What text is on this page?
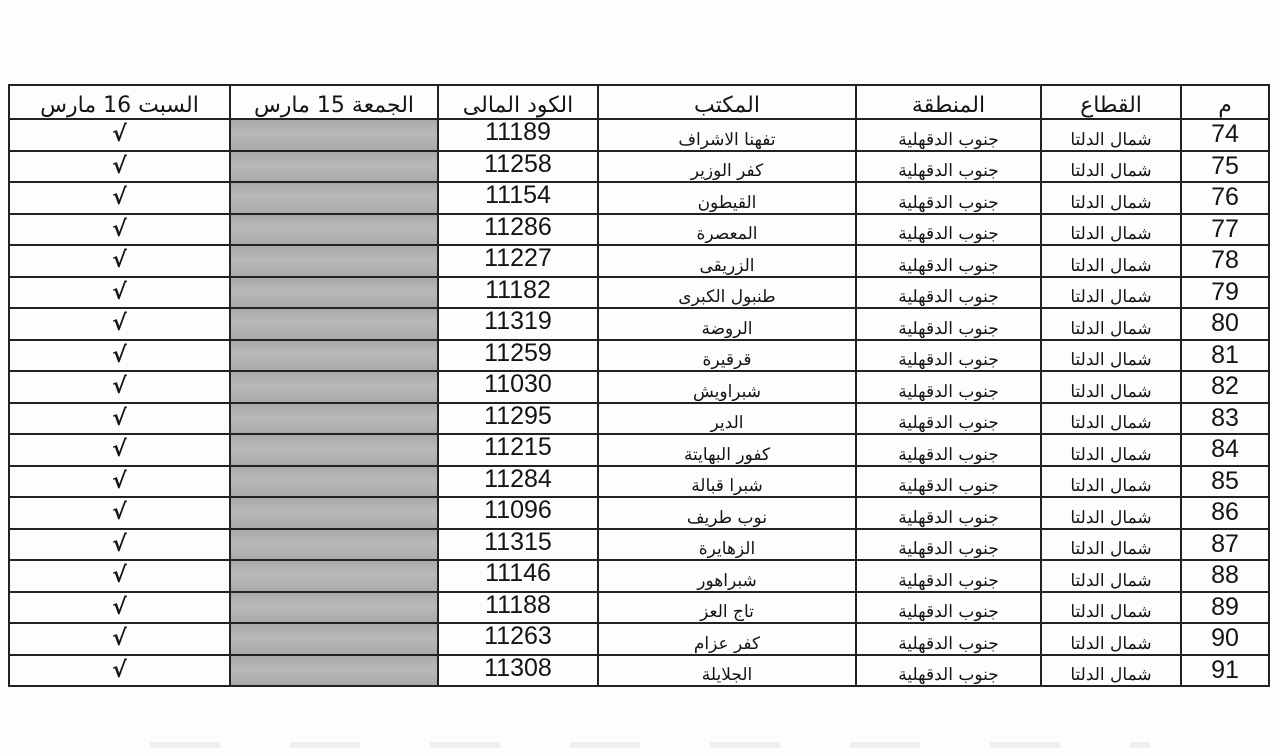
م	القطاع	المنطقة	المكتب	الكود المالى	الجمعة 15 مارس	السبت 16 مارس
74	شمال الدلتا	جنوب الدقهلية	تفهنا الاشراف	11189		√
75	شمال الدلتا	جنوب الدقهلية	كفر الوزير	11258		√
76	شمال الدلتا	جنوب الدقهلية	القيطون	11154		√
77	شمال الدلتا	جنوب الدقهلية	المعصرة	11286		√
78	شمال الدلتا	جنوب الدقهلية	الزريقى	11227		√
79	شمال الدلتا	جنوب الدقهلية	طنبول الكبرى	11182		√
80	شمال الدلتا	جنوب الدقهلية	الروضة	11319		√
81	شمال الدلتا	جنوب الدقهلية	قرقيرة	11259		√
82	شمال الدلتا	جنوب الدقهلية	شبراويش	11030		√
83	شمال الدلتا	جنوب الدقهلية	الدير	11295		√
84	شمال الدلتا	جنوب الدقهلية	كفور البهايتة	11215		√
85	شمال الدلتا	جنوب الدقهلية	شبرا قبالة	11284		√
86	شمال الدلتا	جنوب الدقهلية	نوب طريف	11096		√
87	شمال الدلتا	جنوب الدقهلية	الزهايرة	11315		√
88	شمال الدلتا	جنوب الدقهلية	شبراهور	11146		√
89	شمال الدلتا	جنوب الدقهلية	تاج العز	11188		√
90	شمال الدلتا	جنوب الدقهلية	كفر عزام	11263		√
91	شمال الدلتا	جنوب الدقهلية	الجلايلة	11308		√
